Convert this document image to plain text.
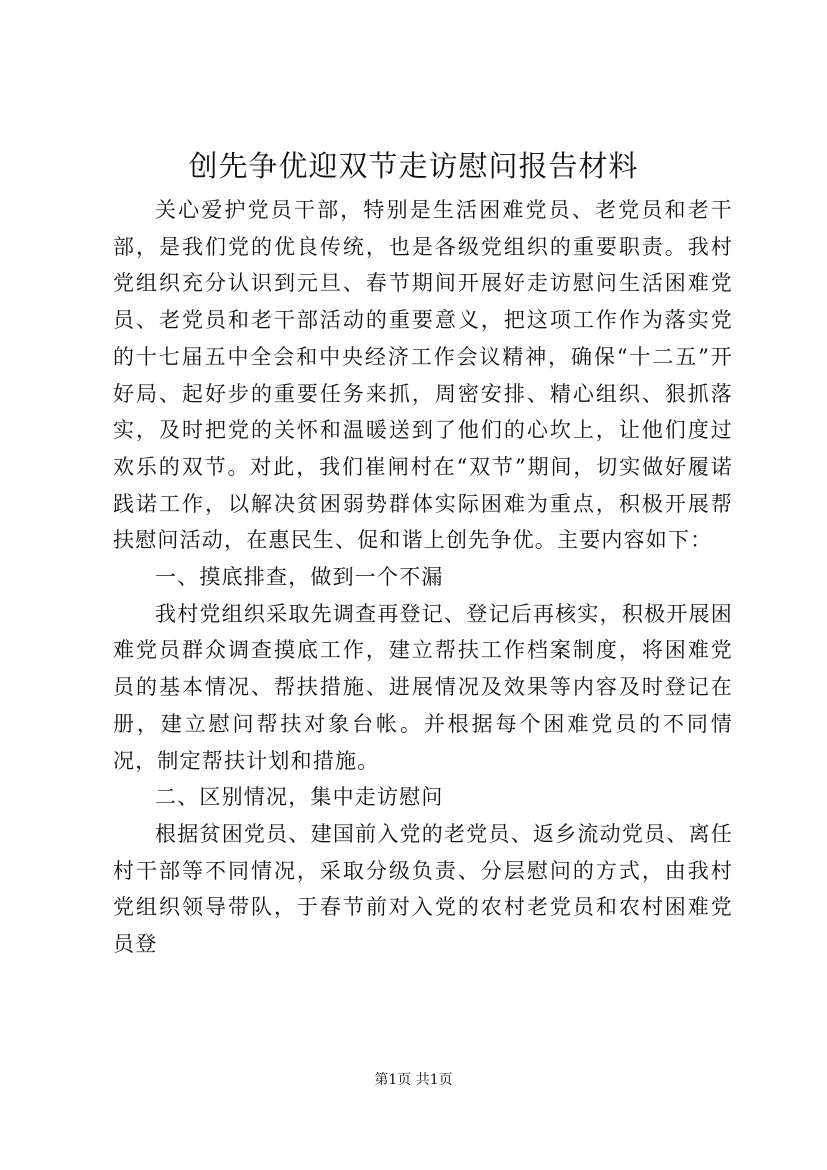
创先争优迎双节走访慰问报告材料

关心爱护党员干部，特别是生活困难党员、老党员和老干部，是我们党的优良传统，也是各级党组织的重要职责。我村党组织充分认识到元旦、春节期间开展好走访慰问生活困难党员、老党员和老干部活动的重要意义，把这项工作作为落实党的十七届五中全会和中央经济工作会议精神，确保“十二五”开好局、起好步的重要任务来抓，周密安排、精心组织、狠抓落实，及时把党的关怀和温暖送到了他们的心坎上，让他们度过欢乐的双节。对此，我们崔闸村在“双节”期间，切实做好履诺践诺工作，以解决贫困弱势群体实际困难为重点，积极开展帮扶慰问活动，在惠民生、促和谐上创先争优。主要内容如下：

一、摸底排查，做到一个不漏

我村党组织采取先调查再登记、登记后再核实，积极开展困难党员群众调查摸底工作，建立帮扶工作档案制度，将困难党员的基本情况、帮扶措施、进展情况及效果等内容及时登记在册，建立慰问帮扶对象台帐。并根据每个困难党员的不同情况，制定帮扶计划和措施。

二、区别情况，集中走访慰问

根据贫困党员、建国前入党的老党员、返乡流动党员、离任村干部等不同情况，采取分级负责、分层慰问的方式，由我村党组织领导带队，于春节前对入党的农村老党员和农村困难党员登

第1页 共1页
